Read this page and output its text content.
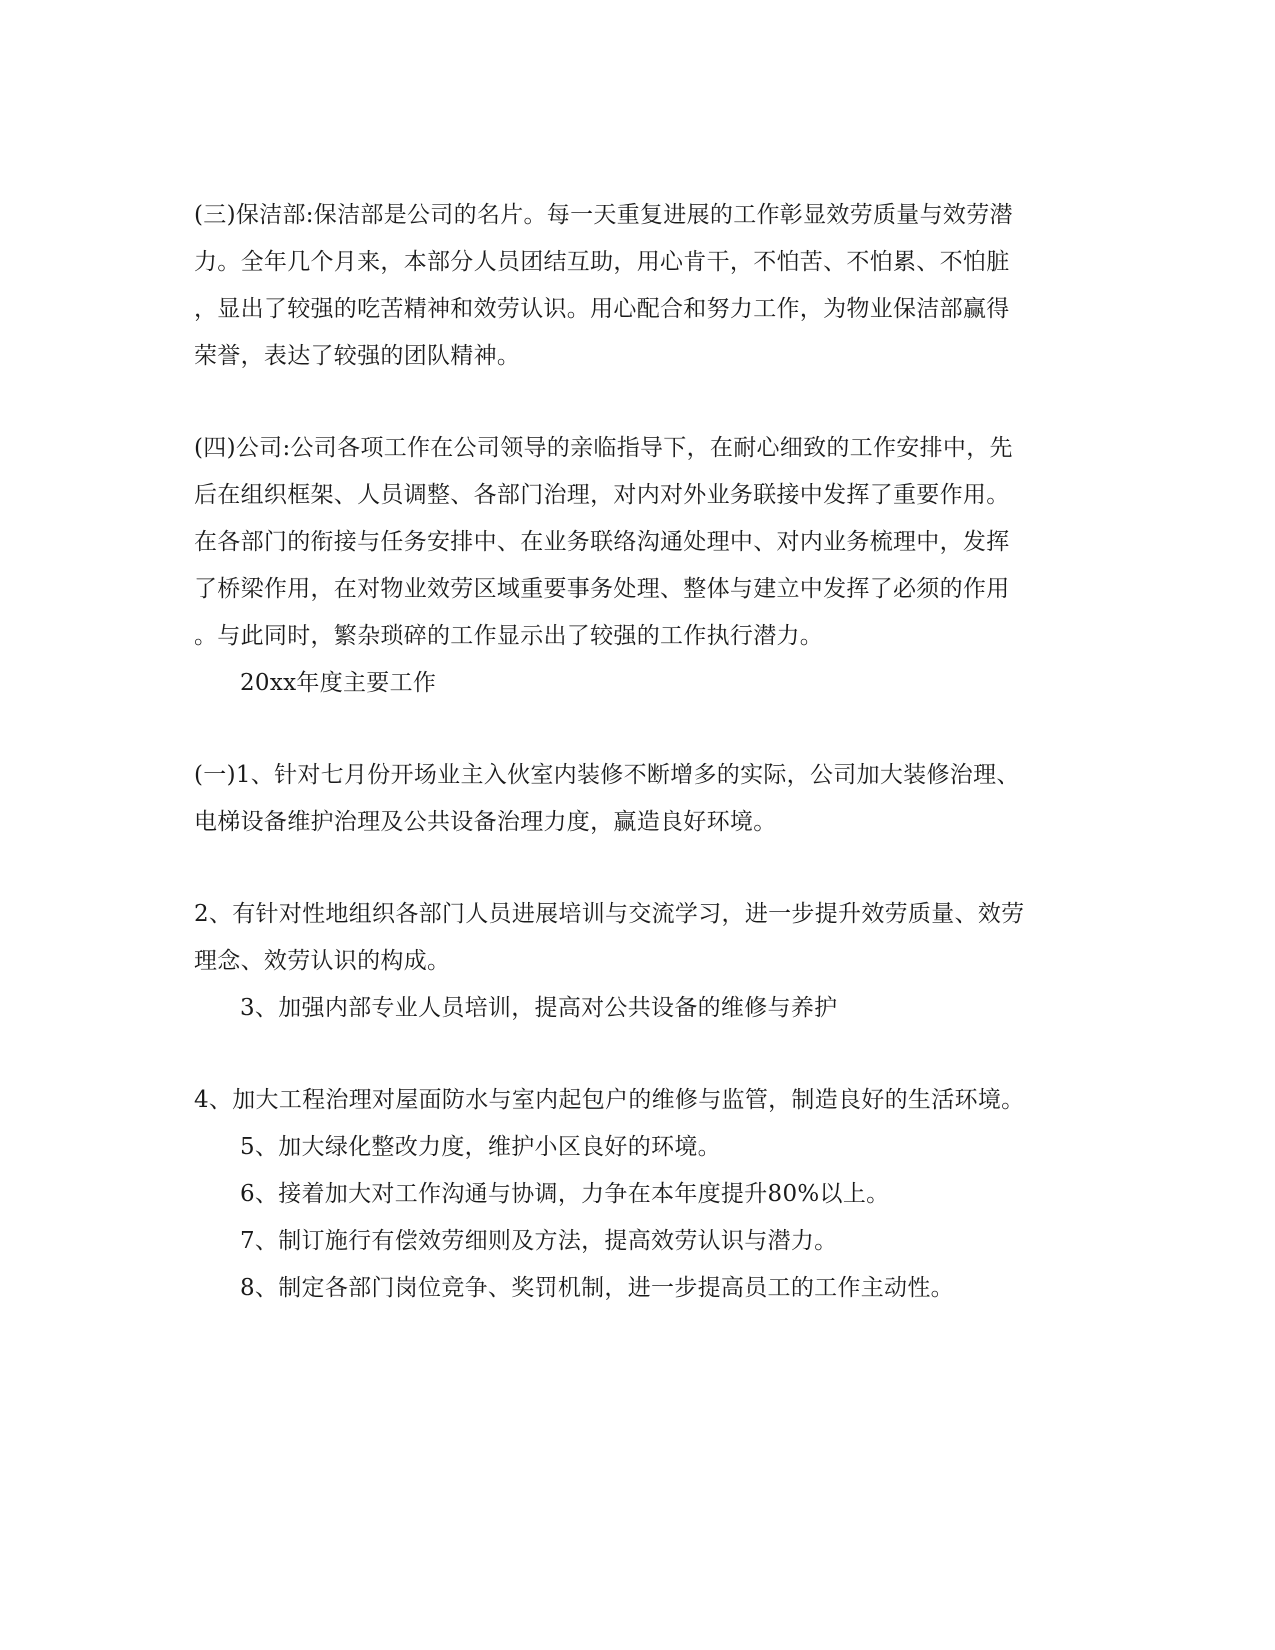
(三)保洁部:保洁部是公司的名片。每一天重复进展的工作彰显效劳质量与效劳潜
力。全年几个月来，本部分人员团结互助，用心肯干，不怕苦、不怕累、不怕脏
，显出了较强的吃苦精神和效劳认识。用心配合和努力工作，为物业保洁部赢得
荣誉，表达了较强的团队精神。
(四)公司:公司各项工作在公司领导的亲临指导下，在耐心细致的工作安排中，先
后在组织框架、人员调整、各部门治理，对内对外业务联接中发挥了重要作用。
在各部门的衔接与任务安排中、在业务联络沟通处理中、对内业务梳理中，发挥
了桥梁作用，在对物业效劳区域重要事务处理、整体与建立中发挥了必须的作用
。与此同时，繁杂琐碎的工作显示出了较强的工作执行潜力。
20xx年度主要工作
(一)1、针对七月份开场业主入伙室内装修不断增多的实际，公司加大装修治理、
电梯设备维护治理及公共设备治理力度，赢造良好环境。
2、有针对性地组织各部门人员进展培训与交流学习，进一步提升效劳质量、效劳
理念、效劳认识的构成。
3、加强内部专业人员培训，提高对公共设备的维修与养护
4、加大工程治理对屋面防水与室内起包户的维修与监管，制造良好的生活环境。
5、加大绿化整改力度，维护小区良好的环境。
6、接着加大对工作沟通与协调，力争在本年度提升80%以上。
7、制订施行有偿效劳细则及方法，提高效劳认识与潜力。
8、制定各部门岗位竞争、奖罚机制，进一步提高员工的工作主动性。
